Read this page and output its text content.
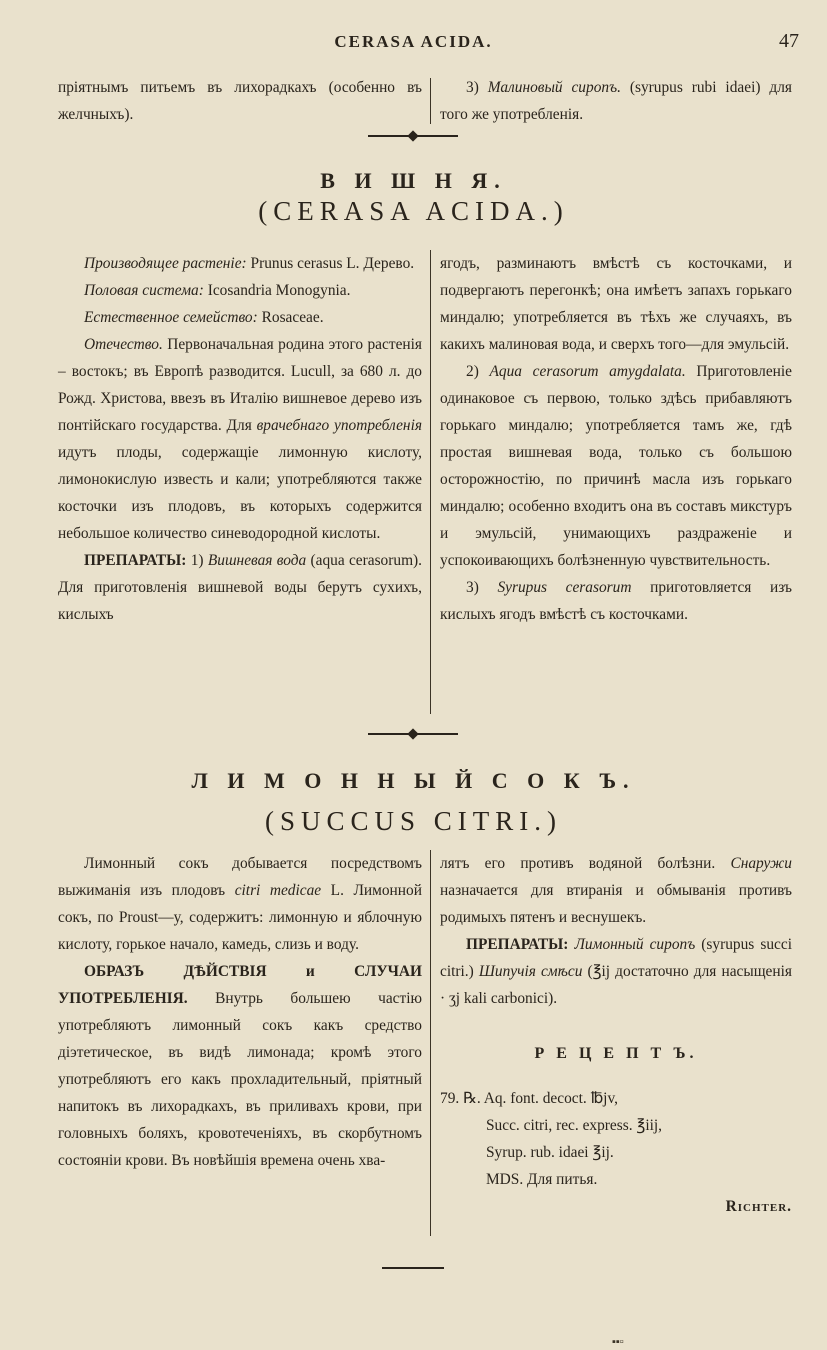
CERASA ACIDA.	47

пріятнымъ питьемъ въ лихорадкахъ (особенно въ желчныхъ).

3) Малиновый сиропъ. (syrupus rubi idaei) для того же употребленія.

В И Ш Н Я.
(CERASA ACIDA.)

Производящее растеніе: Prunus cerasus L. Дерево.

Половая система: Icosandria Monogynia.

Естественное семейство: Rosaceae.

Отечество. Первоначальная родина этого растенія – востокъ; въ Европѣ разводится. Lucull, за 680 л. до Рожд. Христова, ввезъ въ Италію вишневое дерево изъ понтійскаго государства. Для врачебнаго употребленія идутъ плоды, содержащіе лимонную кислоту, лимонокислую известь и кали; употребляются также косточки изъ плодовъ, въ которыхъ содержится небольшое количество синеводородной кислоты.

ПРЕПАРАТЫ: 1) Вишневая вода (aqua cerasorum). Для приготовленія вишневой воды берутъ сухихъ, кислыхъ

ягодъ, разминаютъ вмѣстѣ съ косточками, и подвергаютъ перегонкѣ; она имѣетъ запахъ горькаго миндалю; употребляется въ тѣхъ же случаяхъ, въ какихъ малиновая вода, и сверхъ того—для эмульсій.

2) Aqua cerasorum amygdalata. Приготовленіе одинаковое съ первою, только здѣсь прибавляютъ горькаго миндалю; употребляется тамъ же, гдѣ простая вишневая вода, только съ большою осторожностію, по причинѣ масла изъ горькаго миндалю; особенно входитъ она въ составъ микстуръ и эмульсій, унимающихъ раздраженіе и успокоивающихъ болѣзненную чувствительность.

3) Syrupus cerasorum приготовляется изъ кислыхъ ягодъ вмѣстѣ съ косточками.

Л И М О Н Н Ы Й С О К Ъ.
(SUCCUS CITRI.)

Лимонный сокъ добывается посредствомъ выжиманія изъ плодовъ citri medicae L. Лимонной сокъ, по Proust—у, содержитъ: лимонную и яблочную кислоту, горькое начало, камедь, слизь и воду.

ОБРАЗЪ ДѢЙСТВІЯ и СЛУЧАИ УПОТРЕБЛЕНІЯ. Внутрь большею частію употребляютъ лимонный сокъ какъ средство діэтетическое, въ видѣ лимонада; кромѣ этого употребляютъ его какъ прохладительный, пріятный напитокъ въ лихорадкахъ, въ приливахъ крови, при головныхъ боляхъ, кровотеченіяхъ, въ скорбутномъ состояніи крови. Въ новѣйшія времена очень хва-

лятъ его противъ водяной болѣзни. Снаружи назначается для втиранія и обмыванія противъ родимыхъ пятенъ и веснушекъ.

ПРЕПАРАТЫ: Лимонный сиропъ (syrupus succi citri.) Шипучія смѣси (℥ij достаточно для насыщенія · ʒj kali carbonici).

Р Е Ц Е П Т Ъ.

79. ℞. Aq. font. decoct. ℔jv,

Succ. citri, rec. express. ℥iij,

Syrup. rub. idaei ℥ij.

MDS. Для питья.

Richter.

▪▪▫
